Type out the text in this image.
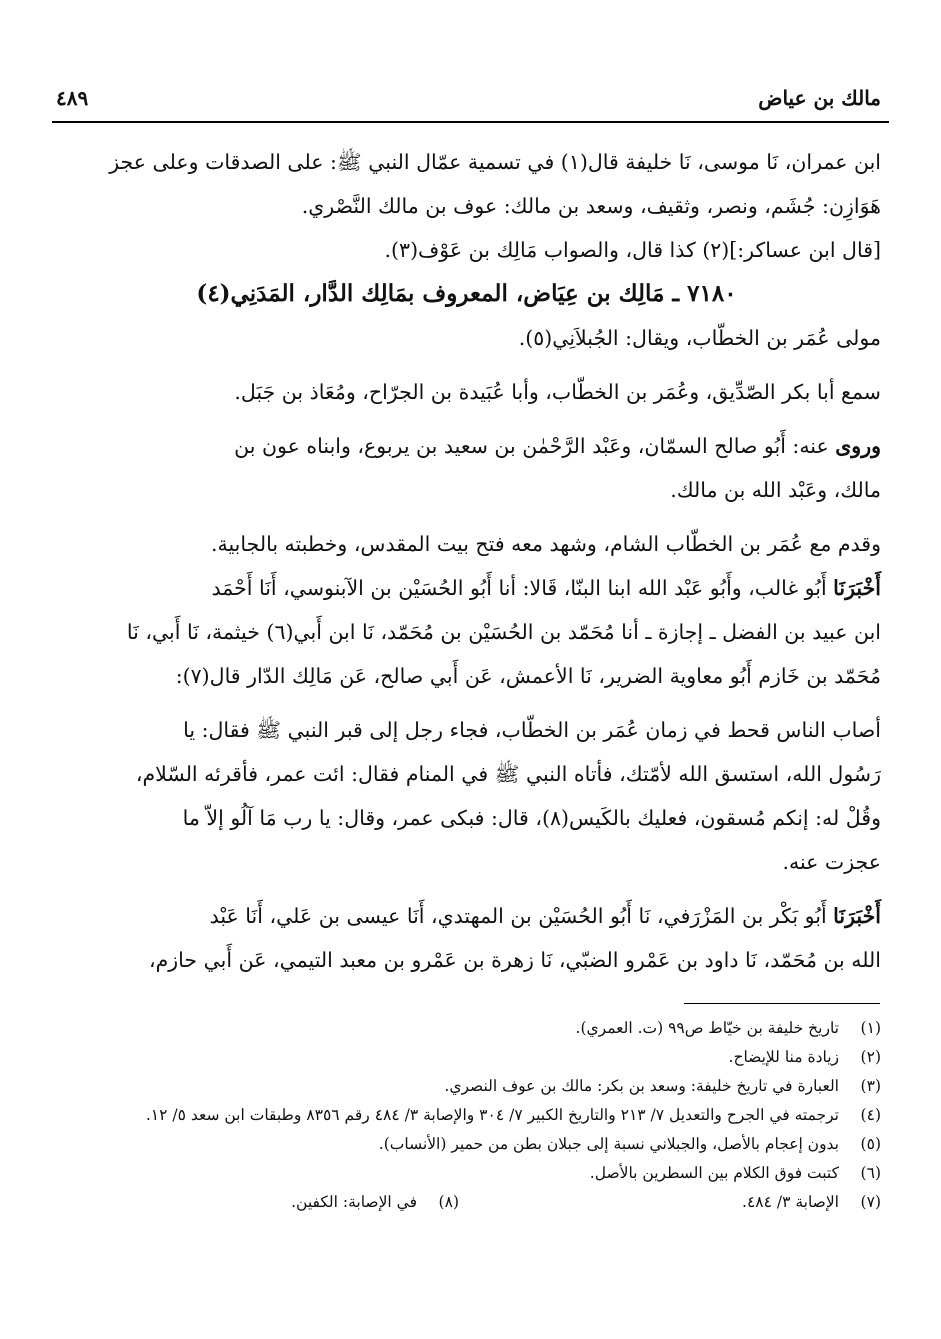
مالك بن عياض
٤٨٩

ابن عمران، نَا موسى، نَا خليفة قال(١) في تسمية عمّال النبي ﷺ: على الصدقات وعلى عجز

هَوَازِن: جُشَم، ونصر، وثقيف، وسعد بن مالك: عوف بن مالك النَّصْري.

[قال ابن عساكر:](٢) كذا قال، والصواب مَالِك بن عَوْف(٣).

٧١٨٠ ـ مَالِك بن عِيَاض، المعروف بمَالِك الدَّار، المَدَنِي(٤)

مولى عُمَر بن الخطّاب، ويقال: الجُبلاَنِي(٥).

سمع أبا بكر الصّدِّيق، وعُمَر بن الخطّاب، وأبا عُبَيدة بن الجرّاح، ومُعَاذ بن جَبَل.

وروى عنه: أَبُو صالح السمّان، وعَبْد الرَّحْمٰن بن سعيد بن يربوع، وابناه عون بن

مالك، وعَبْد الله بن مالك.

وقدم مع عُمَر بن الخطّاب الشام، وشهد معه فتح بيت المقدس، وخطبته بالجابية.

أَخْبَرَنَا أَبُو غالب، وأَبُو عَبْد الله ابنا البنّا، قَالا: أنا أَبُو الحُسَيْن بن الآبنوسي، أَنَا أَحْمَد

ابن عبيد بن الفضل ـ إجازة ـ أنا مُحَمّد بن الحُسَيْن بن مُحَمّد، نَا ابن أَبي(٦) خيثمة، نَا أَبي، نَا

مُحَمّد بن خَازم أَبُو معاوية الضرير، نَا الأعمش، عَن أَبي صالح، عَن مَالِك الدّار قال(٧):

أصاب الناس قحط في زمان عُمَر بن الخطّاب، فجاء رجل إلى قبر النبي ﷺ فقال: يا

رَسُول الله، استسق الله لأمّتك، فأتاه النبي ﷺ في المنام فقال: ائت عمر، فأقرئه السّلام،

وقُلْ له: إنكم مُسقون، فعليك بالكَيس(٨)، قال: فبكى عمر، وقال: يا رب مَا آلُو إلاّ ما

عجزت عنه.

أَخْبَرَنَا أَبُو بَكْر بن المَزْرَفي، نَا أَبُو الحُسَيْن بن المهتدي، أَنَا عيسى بن عَلي، أَنَا عَبْد

الله بن مُحَمّد، نَا داود بن عَمْرو الضبّي، نَا زهرة بن عَمْرو بن معبد التيمي، عَن أَبي حازم،

(١)
تاريخ خليفة بن خيّاط ص٩٩ (ت. العمري).
(٢)
زيادة منا للإيضاح.
(٣)
العبارة في تاريخ خليفة: وسعد بن بكر: مالك بن عوف النصري.
(٤)
ترجمته في الجرح والتعديل ٧/ ٢١٣ والتاريخ الكبير ٧/ ٣٠٤ والإصابة ٣/ ٤٨٤ رقم ٨٣٥٦ وطبقات ابن سعد ٥/ ١٢.
(٥)
بدون إعجام بالأصل، والجبلاني نسبة إلى جبلان بطن من حمير (الأنساب).
(٦)
كتبت فوق الكلام بين السطرين بالأصل.
(٧)
الإصابة ٣/ ٤٨٤.
(٨)
في الإصابة: الكفين.
